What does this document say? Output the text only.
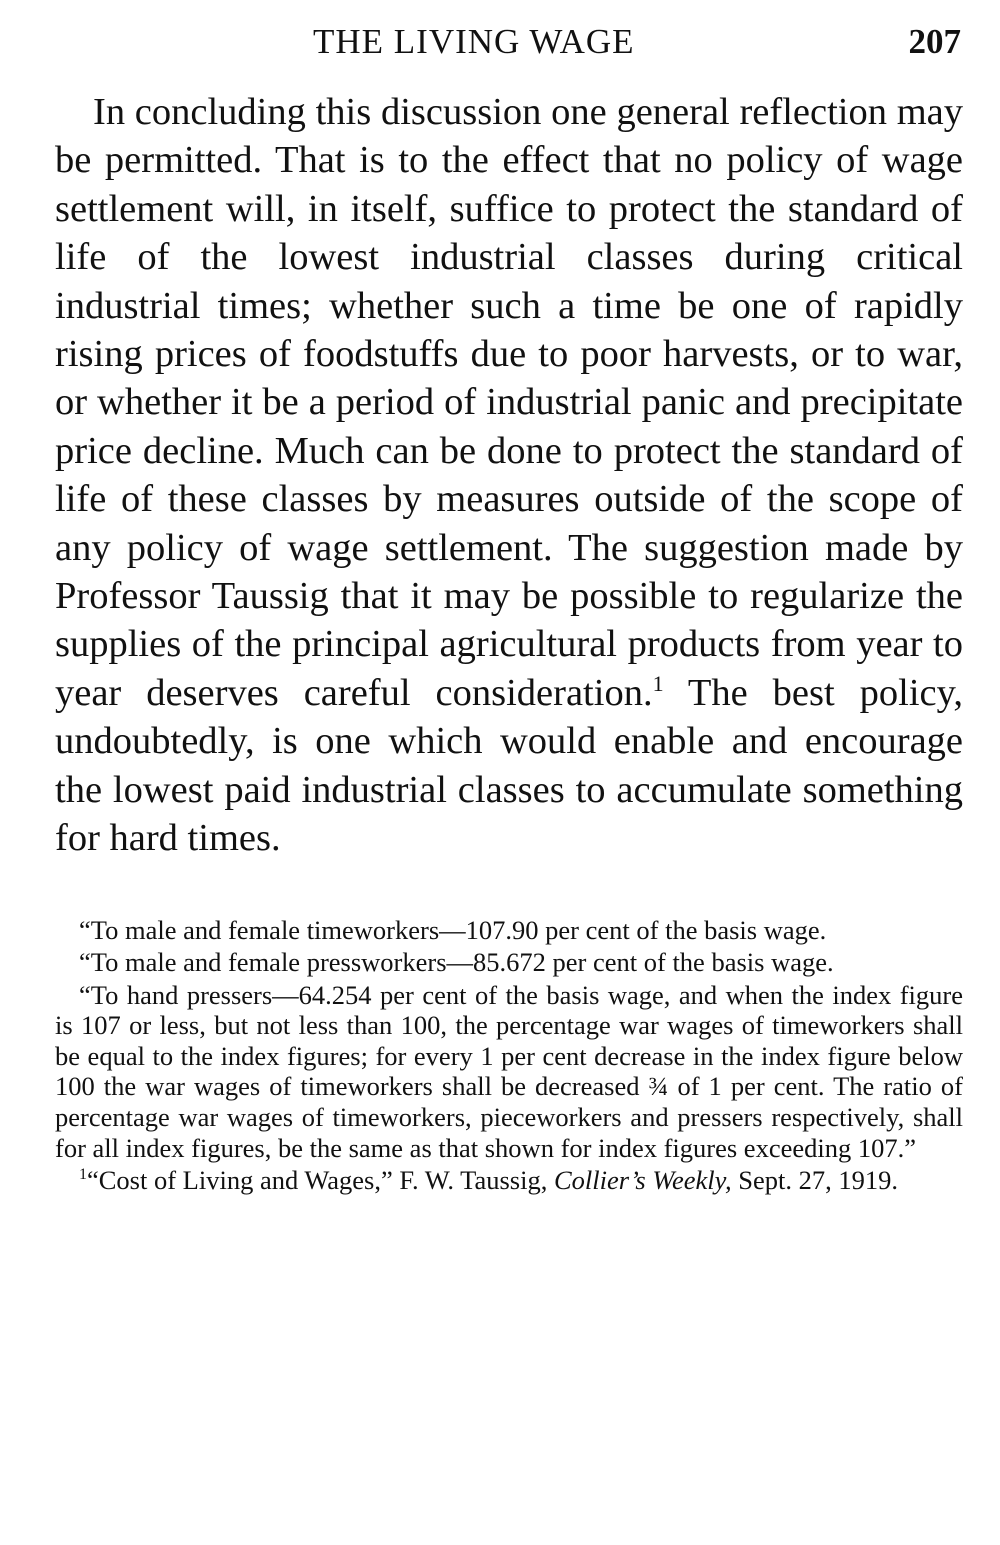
THE LIVING WAGE	207

In concluding this discussion one general reflection may be permitted. That is to the effect that no policy of wage settlement will, in itself, suffice to protect the standard of life of the lowest industrial classes during critical industrial times; whether such a time be one of rapidly rising prices of foodstuffs due to poor harvests, or to war, or whether it be a period of industrial panic and precipitate price decline. Much can be done to protect the standard of life of these classes by measures outside of the scope of any policy of wage settlement. The suggestion made by Professor Taussig that it may be possible to regularize the supplies of the principal agricultural products from year to year deserves careful consideration.$^1$ The best policy, undoubtedly, is one which would enable and encourage the lowest paid industrial classes to accumulate something for hard times.

“To male and female timeworkers—107.90 per cent of the basis wage.

“To male and female pressworkers—85.672 per cent of the basis wage.

“To hand pressers—64.254 per cent of the basis wage, and when the index figure is 107 or less, but not less than 100, the percentage war wages of timeworkers shall be equal to the index figures; for every 1 per cent decrease in the index figure below 100 the war wages of timeworkers shall be decreased ¾ of 1 per cent. The ratio of percentage war wages of timeworkers, pieceworkers and pressers respectively, shall for all index figures, be the same as that shown for index figures exceeding 107.”

$^1$“Cost of Living and Wages,” F. W. Taussig, Collier’s Weekly, Sept. 27, 1919.
